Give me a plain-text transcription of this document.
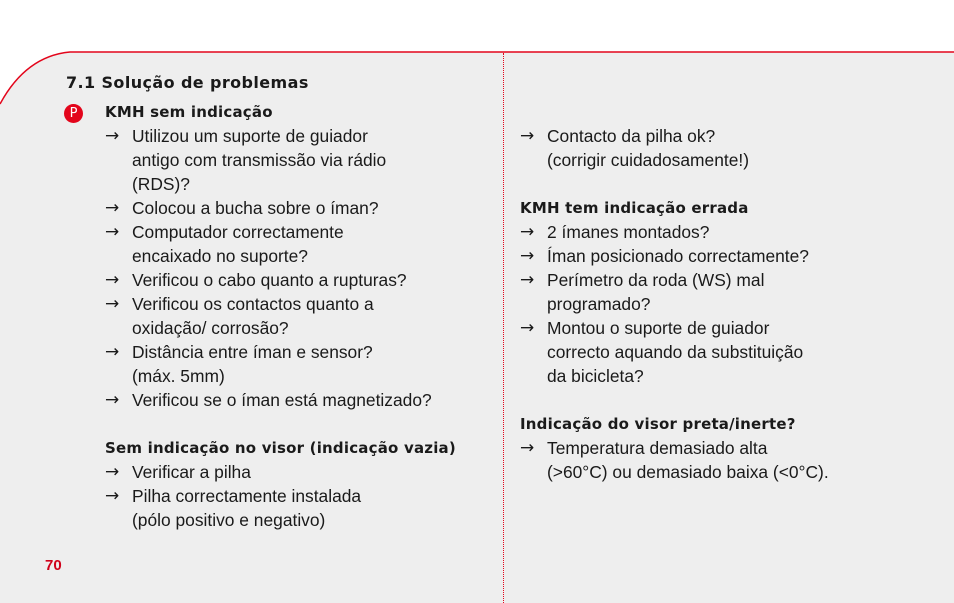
7.1 Solução de problemas
P	KMH sem indicação
→ Utilizou um suporte de guiador
antigo com transmissão via rádio
(RDS)?
→ Colocou a bucha sobre o íman?
→ Computador correctamente
encaixado no suporte?
→ Verificou o cabo quanto a rupturas?
→ Verificou os contactos quanto a
oxidação/ corrosão?
→ Distância entre íman e sensor?
(máx. 5mm)
→ Verificou se o íman está magnetizado?
Sem indicação no visor (indicação vazia)
→ Verificar a pilha
→ Pilha correctamente instalada
(pólo positivo e negativo)
→ Contacto da pilha ok?
(corrigir cuidadosamente!)
KMH tem indicação errada
→ 2 ímanes montados?
→ Íman posicionado correctamente?
→ Perímetro da roda (WS) mal
programado?
→ Montou o suporte de guiador
correcto aquando da substituição
da bicicleta?
Indicação do visor preta/inerte?
→ Temperatura demasiado alta
(>60°C) ou demasiado baixa (<0°C).
70
